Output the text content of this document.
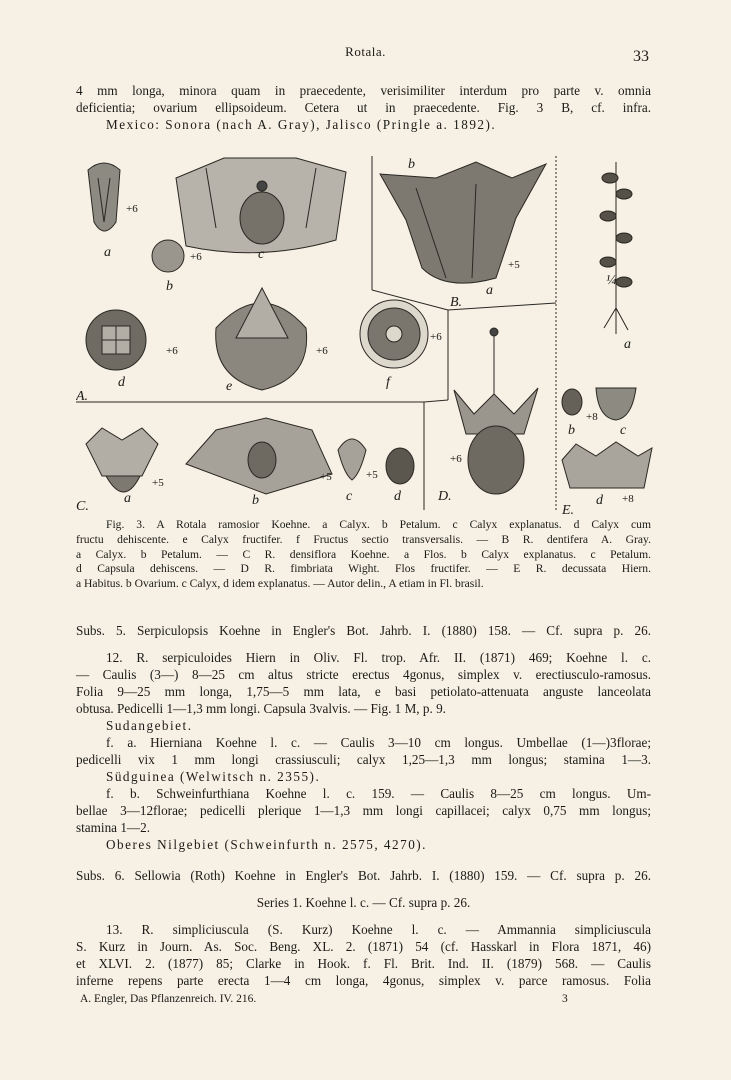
Rotala.	33
4 mm longa, minora quam in praecedente, verisimiliter interdum pro parte v. omnia
deficientia; ovarium ellipsoideum. Cetera ut in praecedente. Fig. 3 B, cf. infra.
Mexico: Sonora (nach A. Gray), Jalisco (Pringle a. 1892).
a
b
c
d	e	f
b
a
a
b	c
d
a	b	c	d
A.
B.
C.
D.
E.
¼
+6
+6
+6	+6
+6
+5
+6
+8
+8
+5	+5	+5
Fig. 3. A Rotala ramosior Koehne. a Calyx. b Petalum. c Calyx explanatus. d Calyx cum
fructu dehiscente. e Calyx fructifer. f Fructus sectio transversalis. — B R. dentifera A. Gray.
a Calyx. b Petalum. — C R. densiflora Koehne. a Flos. b Calyx explanatus. c Petalum.
d Capsula dehiscens. — D R. fimbriata Wight. Flos fructifer. — E R. decussata Hiern.
a Habitus. b Ovarium. c Calyx, d idem explanatus. — Autor delin., A etiam in Fl. brasil.
Subs. 5. Serpiculopsis Koehne in Engler's Bot. Jahrb. I. (1880) 158. — Cf. supra p. 26.
12. R. serpiculoides Hiern in Oliv. Fl. trop. Afr. II. (1871) 469; Koehne l. c.
— Caulis (3—) 8—25 cm altus stricte erectus 4gonus, simplex v. erectiusculo-ramosus.
Folia 9—25 mm longa, 1,75—5 mm lata, e basi petiolato-attenuata anguste lanceolata
obtusa. Pedicelli 1—1,3 mm longi. Capsula 3valvis. — Fig. 1 M, p. 9.
Sudangebiet.
f. a. Hierniana Koehne l. c. — Caulis 3—10 cm longus. Umbellae (1—)3florae;
pedicelli vix 1 mm longi crassiusculi; calyx 1,25—1,3 mm longus; stamina 1—3.
Südguinea (Welwitsch n. 2355).
f. b. Schweinfurthiana Koehne l. c. 159. — Caulis 8—25 cm longus. Um-
bellae 3—12florae; pedicelli plerique 1—1,3 mm longi capillacei; calyx 0,75 mm longus;
stamina 1—2.
Oberes Nilgebiet (Schweinfurth n. 2575, 4270).
Subs. 6. Sellowia (Roth) Koehne in Engler's Bot. Jahrb. I. (1880) 159. — Cf. supra p. 26.
Series 1. Koehne l. c. — Cf. supra p. 26.
13. R. simpliciuscula (S. Kurz) Koehne l. c. — Ammannia simpliciuscula
S. Kurz in Journ. As. Soc. Beng. XL. 2. (1871) 54 (cf. Hasskarl in Flora 1871, 46)
et XLVI. 2. (1877) 85; Clarke in Hook. f. Fl. Brit. Ind. II. (1879) 568. — Caulis
inferne repens parte erecta 1—4 cm longa, 4gonus, simplex v. parce ramosus. Folia
A. Engler, Das Pflanzenreich. IV. 216.	3
